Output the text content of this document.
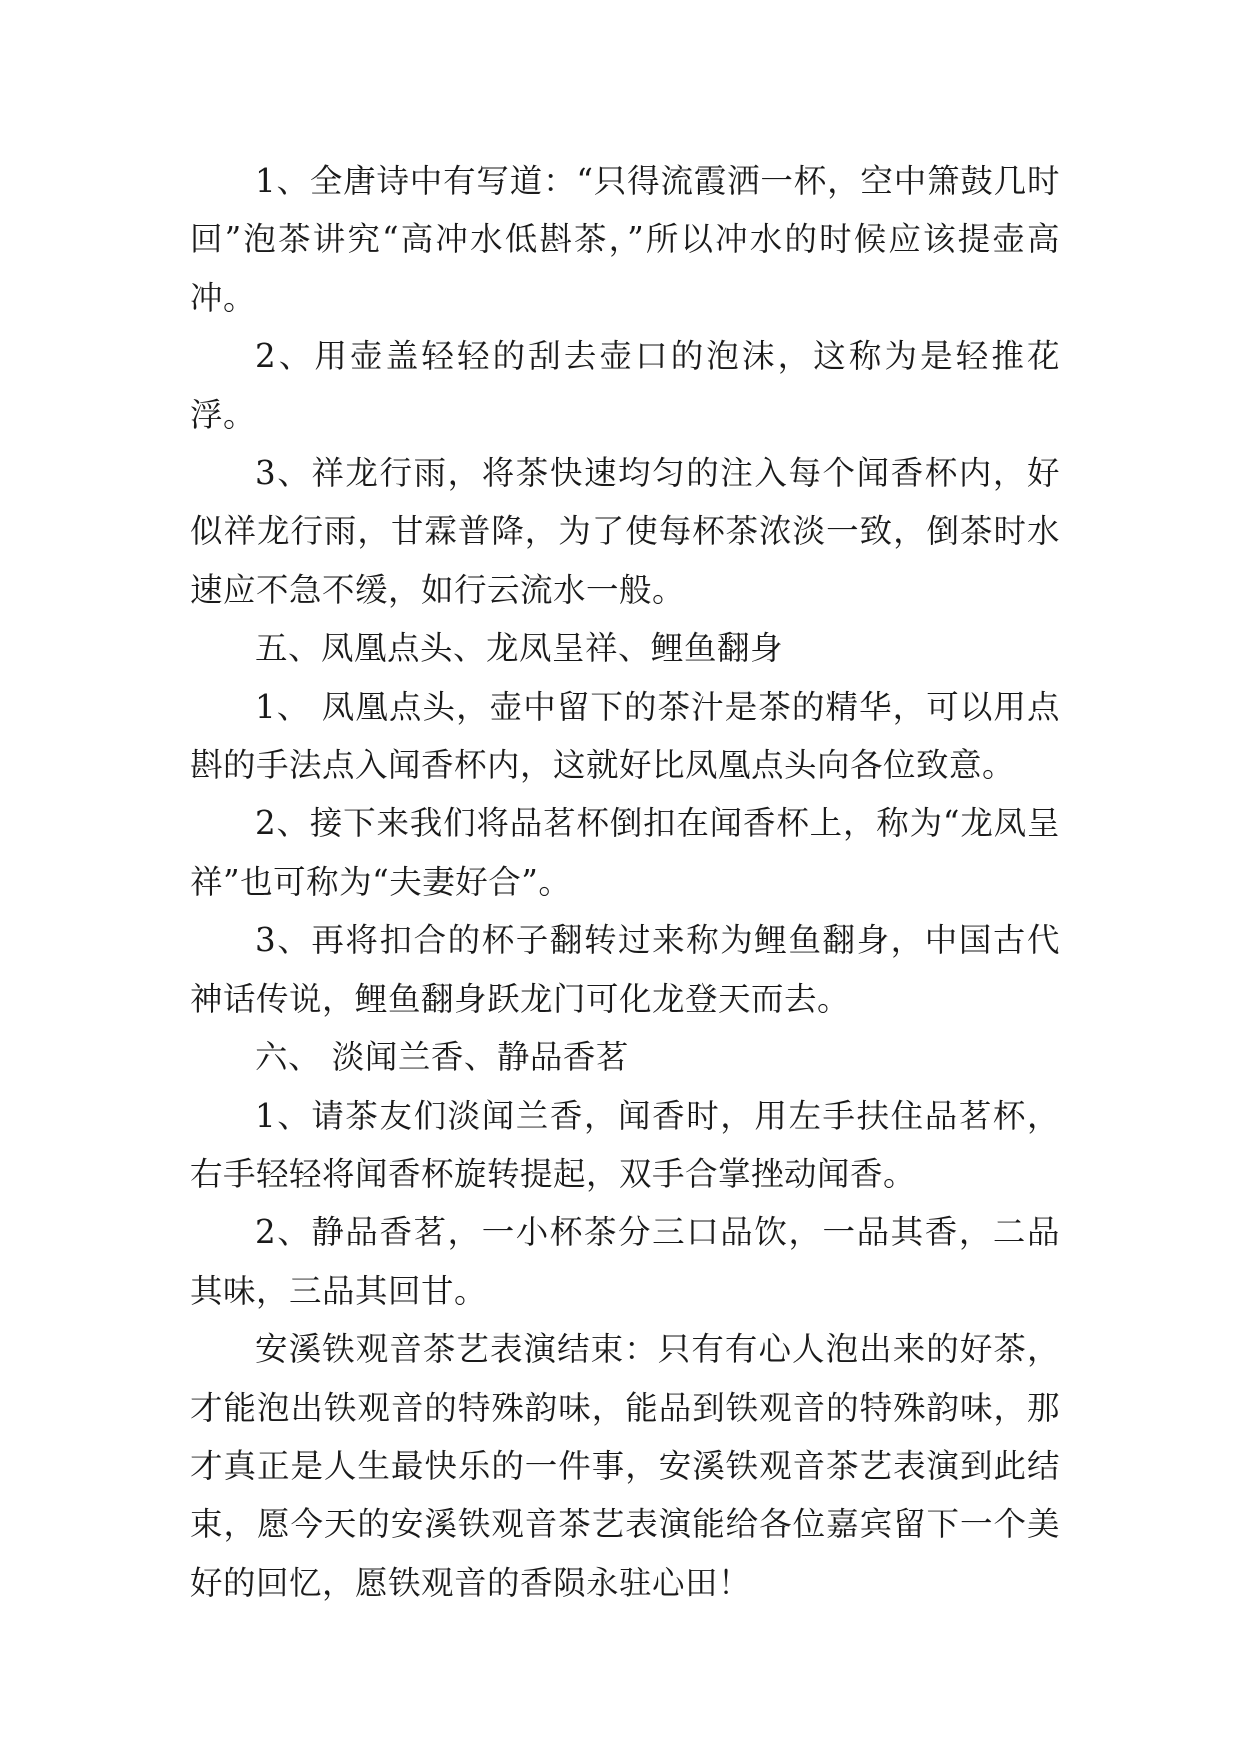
1、全唐诗中有写道：“只得流霞洒一杯，空中箫鼓几时回”泡茶讲究“高冲水低斟茶，”所以冲水的时候应该提壶高冲。

2、用壶盖轻轻的刮去壶口的泡沫，这称为是轻推花浮。

3、祥龙行雨，将茶快速均匀的注入每个闻香杯内，好似祥龙行雨，甘霖普降，为了使每杯茶浓淡一致，倒茶时水速应不急不缓，如行云流水一般。

五、凤凰点头、龙凤呈祥、鲤鱼翻身

1、 凤凰点头，壶中留下的茶汁是茶的精华，可以用点斟的手法点入闻香杯内，这就好比凤凰点头向各位致意。

2、接下来我们将品茗杯倒扣在闻香杯上，称为“龙凤呈祥”也可称为“夫妻好合”。

3、再将扣合的杯子翻转过来称为鲤鱼翻身，中国古代神话传说，鲤鱼翻身跃龙门可化龙登天而去。

六、 淡闻兰香、静品香茗

1、请茶友们淡闻兰香，闻香时，用左手扶住品茗杯，右手轻轻将闻香杯旋转提起，双手合掌挫动闻香。

2、静品香茗，一小杯茶分三口品饮，一品其香，二品其味，三品其回甘。

安溪铁观音茶艺表演结束：只有有心人泡出来的好茶，才能泡出铁观音的特殊韵味，能品到铁观音的特殊韵味，那才真正是人生最快乐的一件事，安溪铁观音茶艺表演到此结束，愿今天的安溪铁观音茶艺表演能给各位嘉宾留下一个美好的回忆，愿铁观音的香陨永驻心田！
